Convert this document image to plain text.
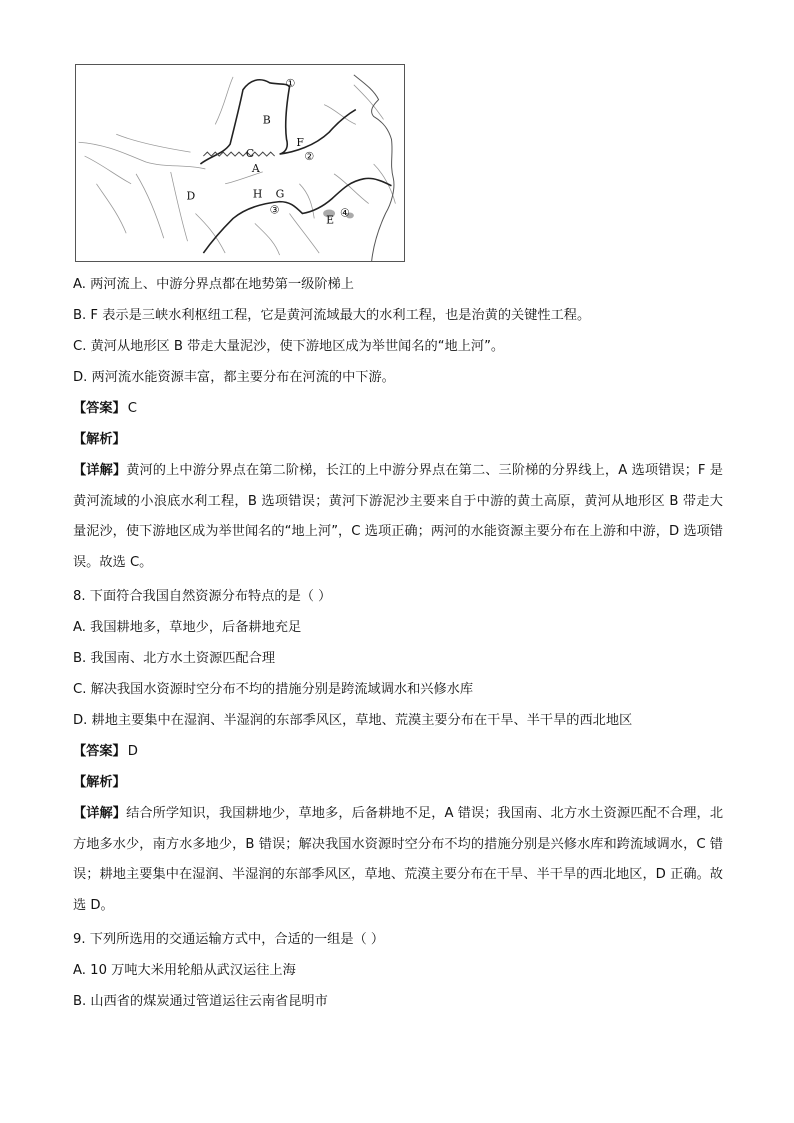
B
F
C
A
D	H G
E
①
②
③	④
A. 两河流上、中游分界点都在地势第一级阶梯上
B. F 表示是三峡水利枢纽工程，它是黄河流域最大的水利工程，也是治黄的关键性工程。
C. 黄河从地形区 B 带走大量泥沙，使下游地区成为举世闻名的“地上河”。
D. 两河流水能资源丰富，都主要分布在河流的中下游。
【答案】 C
【解析】
【详解】黄河的上中游分界点在第二阶梯，长江的上中游分界点在第二、三阶梯的分界线上，A 选项错误；F 是黄河流域的小浪底水利工程，B 选项错误；黄河下游泥沙主要来自于中游的黄土高原，黄河从地形区 B 带走大量泥沙，使下游地区成为举世闻名的“地上河”，C 选项正确；两河的水能资源主要分布在上游和中游，D 选项错误。故选 C。
8. 下面符合我国自然资源分布特点的是（ ）
A. 我国耕地多，草地少，后备耕地充足
B. 我国南、北方水土资源匹配合理
C. 解决我国水资源时空分布不均的措施分别是跨流域调水和兴修水库
D. 耕地主要集中在湿润、半湿润的东部季风区，草地、荒漠主要分布在干旱、半干旱的西北地区
【答案】 D
【解析】
【详解】结合所学知识，我国耕地少，草地多，后备耕地不足，A 错误；我国南、北方水土资源匹配不合理，北方地多水少，南方水多地少，B 错误；解决我国水资源时空分布不均的措施分别是兴修水库和跨流域调水，C 错误；耕地主要集中在湿润、半湿润的东部季风区，草地、荒漠主要分布在干旱、半干旱的西北地区，D 正确。故选 D。
9. 下列所选用的交通运输方式中，合适的一组是（ ）
A. 10 万吨大米用轮船从武汉运往上海
B. 山西省的煤炭通过管道运往云南省昆明市
